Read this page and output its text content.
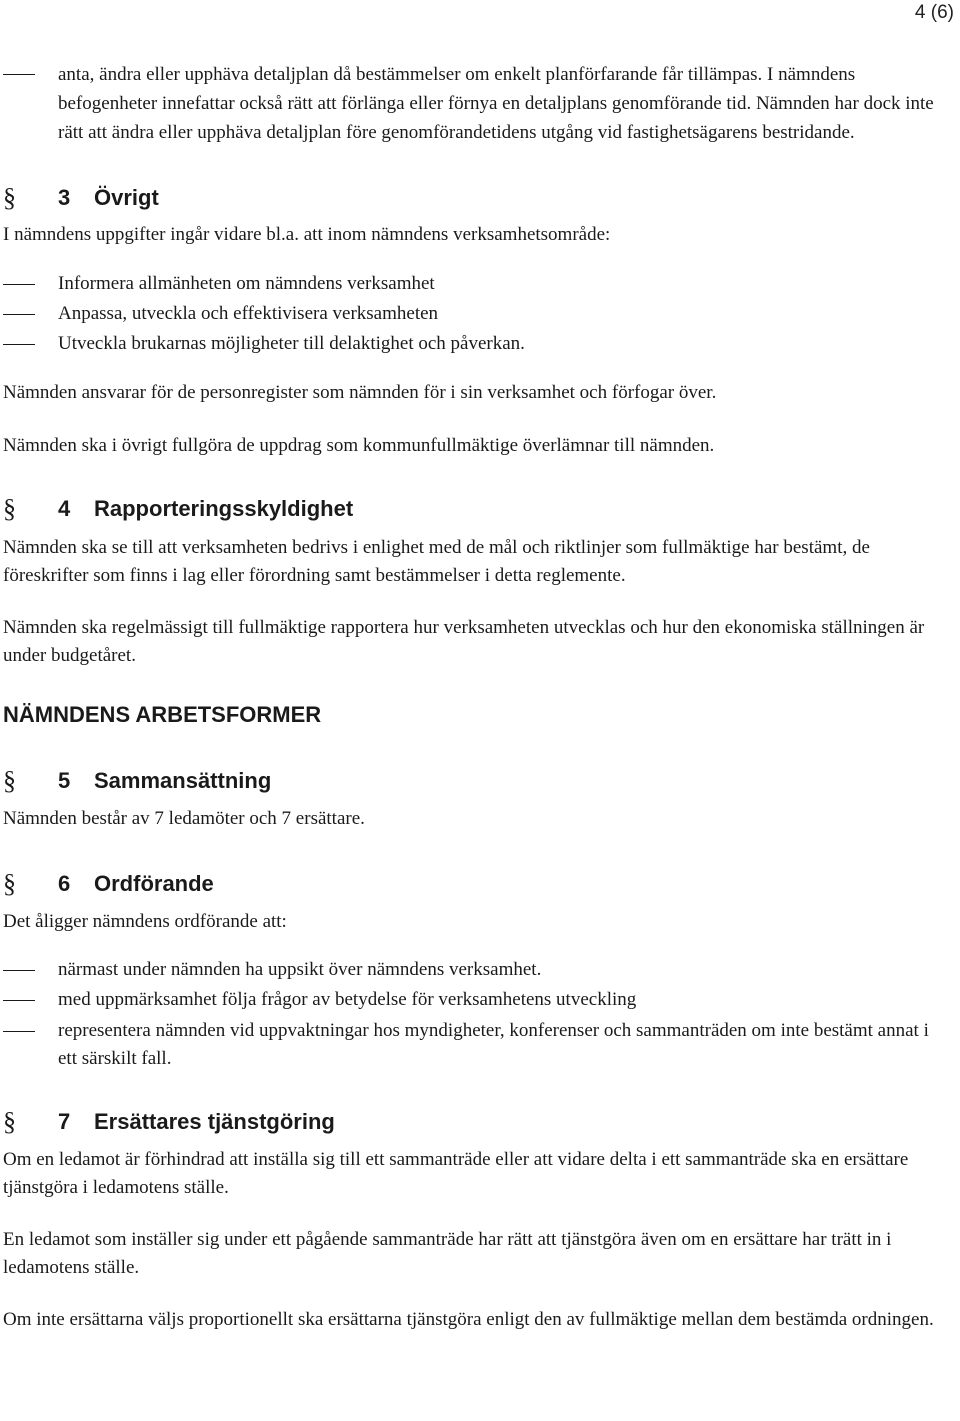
4 (6)
anta, ändra eller upphäva detaljplan då bestämmelser om enkelt planförfarande får tillämpas. I nämndens befogenheter innefattar också rätt att förlänga eller förnya en detaljplans genomförande tid. Nämnden har dock inte rätt att ändra eller upphäva detaljplan före genomförandetidens utgång vid fastighetsägarens bestridande.
§ 3 Övrigt

I nämndens uppgifter ingår vidare bl.a. att inom nämndens verksamhetsområde:

Informera allmänheten om nämndens verksamhet
Anpassa, utveckla och effektivisera verksamheten
Utveckla brukarnas möjligheter till delaktighet och påverkan.

Nämnden ansvarar för de personregister som nämnden för i sin verksamhet och förfogar över.

Nämnden ska i övrigt fullgöra de uppdrag som kommunfullmäktige överlämnar till nämnden.

§ 4 Rapporteringsskyldighet

Nämnden ska se till att verksamheten bedrivs i enlighet med de mål och riktlinjer som fullmäktige har bestämt, de föreskrifter som finns i lag eller förordning samt bestämmelser i detta reglemente.

Nämnden ska regelmässigt till fullmäktige rapportera hur verksamheten utvecklas och hur den ekonomiska ställningen är under budgetåret.

NÄMNDENS ARBETSFORMER
§ 5 Sammansättning

Nämnden består av 7 ledamöter och 7 ersättare.

§ 6 Ordförande

Det åligger nämndens ordförande att:

närmast under nämnden ha uppsikt över nämndens verksamhet.
med uppmärksamhet följa frågor av betydelse för verksamhetens utveckling
representera nämnden vid uppvaktningar hos myndigheter, konferenser och sammanträden om inte bestämt annat i ett särskilt fall.
§ 7 Ersättares tjänstgöring

Om en ledamot är förhindrad att inställa sig till ett sammanträde eller att vidare delta i ett sammanträde ska en ersättare tjänstgöra i ledamotens ställe.

En ledamot som inställer sig under ett pågående sammanträde har rätt att tjänstgöra även om en ersättare har trätt in i ledamotens ställe.

Om inte ersättarna väljs proportionellt ska ersättarna tjänstgöra enligt den av fullmäktige mellan dem bestämda ordningen.
